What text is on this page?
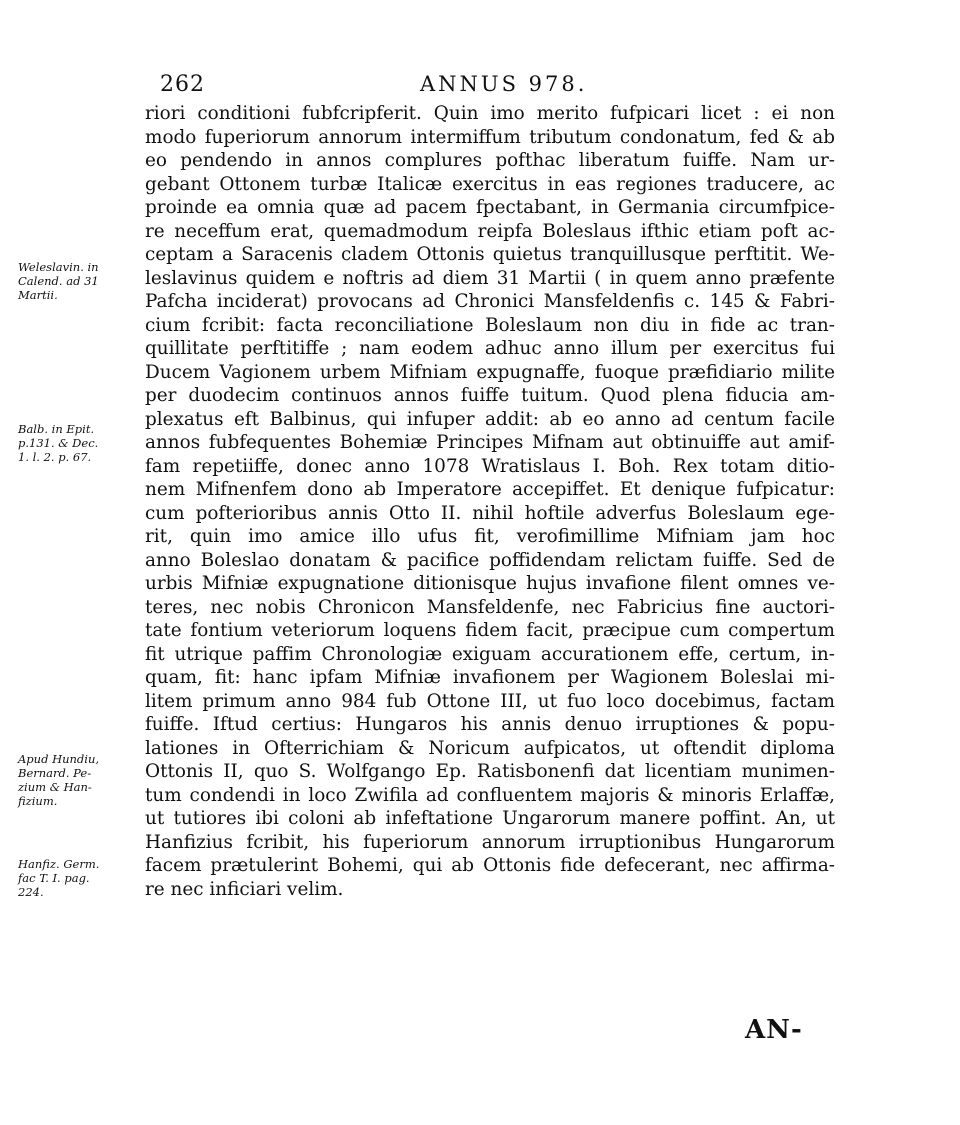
262	ANNUS 978.
riori conditioni fubfcripferit. Quin imo merito fufpicari licet : ei non
modo fuperiorum annorum intermiffum tributum condonatum, fed & ab
eo pendendo in annos complures pofthac liberatum fuiffe. Nam ur-
gebant Ottonem turbæ Italicæ exercitus in eas regiones traducere, ac
proinde ea omnia quæ ad pacem fpectabant, in Germania circumfpice-
re neceffum erat, quemadmodum reipfa Boleslaus ifthic etiam poft ac-
ceptam a Saracenis cladem Ottonis quietus tranquillusque perftitit. We-
leslavinus quidem e noftris ad diem 31 Martii ( in quem anno præfente
Pafcha inciderat) provocans ad Chronici Mansfeldenfis c. 145 & Fabri-
cium fcribit: facta reconciliatione Boleslaum non diu in fide ac tran-
quillitate perftitiffe ; nam eodem adhuc anno illum per exercitus fui
Ducem Vagionem urbem Mifniam expugnaffe, fuoque præfidiario milite
per duodecim continuos annos fuiffe tuitum. Quod plena fiducia am-
plexatus eft Balbinus, qui infuper addit: ab eo anno ad centum facile
annos fubfequentes Bohemiæ Principes Mifnam aut obtinuiffe aut amif-
fam repetiiffe, donec anno 1078 Wratislaus I. Boh. Rex totam ditio-
nem Mifnenfem dono ab Imperatore accepiffet. Et denique fufpicatur:
cum pofterioribus annis Otto II. nihil hoftile adverfus Boleslaum ege-
rit, quin imo amice illo ufus fit, verofimillime Mifniam jam hoc
anno Boleslao donatam & pacifice poffidendam relictam fuiffe. Sed de
urbis Mifniæ expugnatione ditionisque hujus invafione filent omnes ve-
teres, nec nobis Chronicon Mansfeldenfe, nec Fabricius fine auctori-
tate fontium veteriorum loquens fidem facit, præcipue cum compertum
fit utrique paffim Chronologiæ exiguam accurationem effe, certum, in-
quam, fit: hanc ipfam Mifniæ invafionem per Wagionem Boleslai mi-
litem primum anno 984 fub Ottone III, ut fuo loco docebimus, factam
fuiffe. Iftud certius: Hungaros his annis denuo irruptiones & popu-
lationes in Ofterrichiam & Noricum aufpicatos, ut oftendit diploma
Ottonis II, quo S. Wolfgango Ep. Ratisbonenfi dat licentiam munimen-
tum condendi in loco Zwifila ad confluentem majoris & minoris Erlaffæ,
ut tutiores ibi coloni ab infeftatione Ungarorum manere poffint. An, ut
Hanfizius fcribit, his fuperiorum annorum irruptionibus Hungarorum
facem prætulerint Bohemi, qui ab Ottonis fide defecerant, nec affirma-
re nec inficiari velim.
Weleslavin. in
Calend. ad 31
Martii.
Balb. in Epit.
p.131. & Dec.
1. l. 2. p. 67.
Apud Hundiu,
Bernard. Pe-
zium & Han-
fizium.
Hanfiz. Germ.
fac T. I. pag.
224.
AN-
